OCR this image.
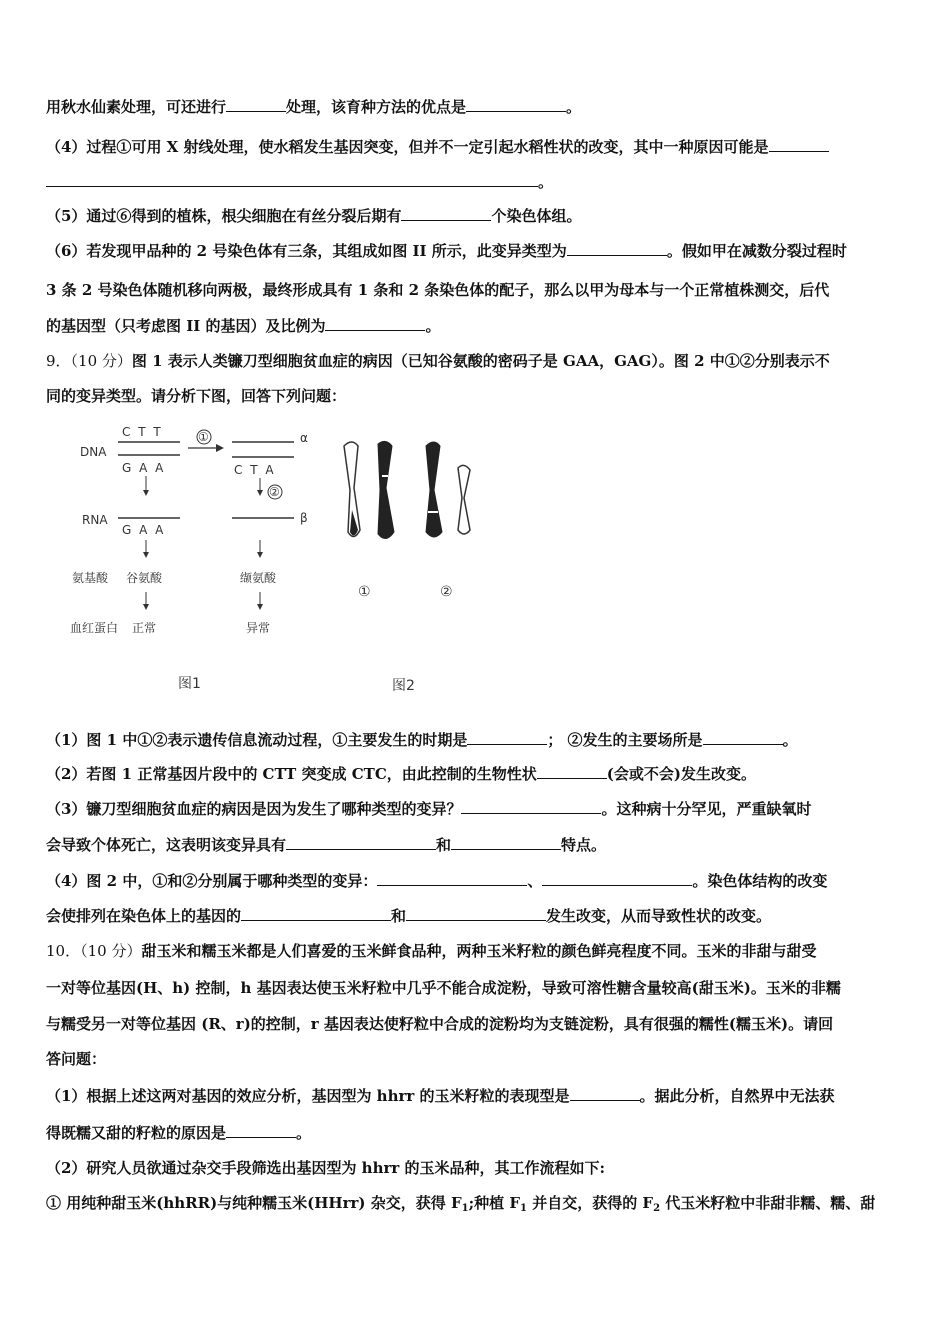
用秋水仙素处理，可还进行	处理，该育种方法的优点是	。
（4）过程①可用 X 射线处理，使水稻发生基因突变，但并不一定引起水稻性状的改变，其中一种原因可能是
。
（5）通过⑥得到的植株，根尖细胞在有丝分裂后期有	个染色体组。
（6）若发现甲品种的 2 号染色体有三条，其组成如图 II 所示，此变异类型为	。假如甲在减数分裂过程时
3 条 2 号染色体随机移向两极，最终形成具有 1 条和 2 条染色体的配子，那么以甲为母本与一个正常植株测交，后代
的基因型（只考虑图 II 的基因）及比例为	。
9．（10 分）图 1 表示人类镰刀型细胞贫血症的病因（已知谷氨酸的密码子是 GAA，GAG）。图 2 中①②分别表示不
同的变异类型。请分析下图，回答下列问题：
DNA
C T T
G A A
①	α
C T A
②
RNA
G A A
β
氨基酸 谷氨酸	缬氨酸
血红蛋白 正常	异常
图1
①	②
图2
（1）图 1 中①②表示遗传信息流动过程，①主要发生的时期是	； ②发生的主要场所是	。
（2）若图 1 正常基因片段中的 CTT 突变成 CTC，由此控制的生物性状	(会或不会)发生改变。
（3）镰刀型细胞贫血症的病因是因为发生了哪种类型的变异？	。这种病十分罕见，严重缺氧时
会导致个体死亡，这表明该变异具有	和	特点。
（4）图 2 中，①和②分别属于哪种类型的变异：	、	。染色体结构的改变
会使排列在染色体上的基因的	和	发生改变，从而导致性状的改变。
10．（10 分）甜玉米和糯玉米都是人们喜爱的玉米鲜食品种，两种玉米籽粒的颜色鲜亮程度不同。玉米的非甜与甜受
一对等位基因(H、h) 控制，h 基因表达使玉米籽粒中几乎不能合成淀粉，导致可溶性糖含量较高(甜玉米)。玉米的非糯
与糯受另一对等位基因 (R、r)的控制，r 基因表达使籽粒中合成的淀粉均为支链淀粉，具有很强的糯性(糯玉米)。请回
答问题：
（1）根据上述这两对基因的效应分析，基因型为 hhrr 的玉米籽粒的表现型是	。据此分析，自然界中无法获
得既糯又甜的籽粒的原因是	。
（2）研究人员欲通过杂交手段筛选出基因型为 hhrr 的玉米品种，其工作流程如下:
① 用纯种甜玉米(hhRR)与纯种糯玉米(HHrr) 杂交，获得 $F_1$;种植 $F_1$ 并自交，获得的 $F_2$ 代玉米籽粒中非甜非糯、糯、甜
